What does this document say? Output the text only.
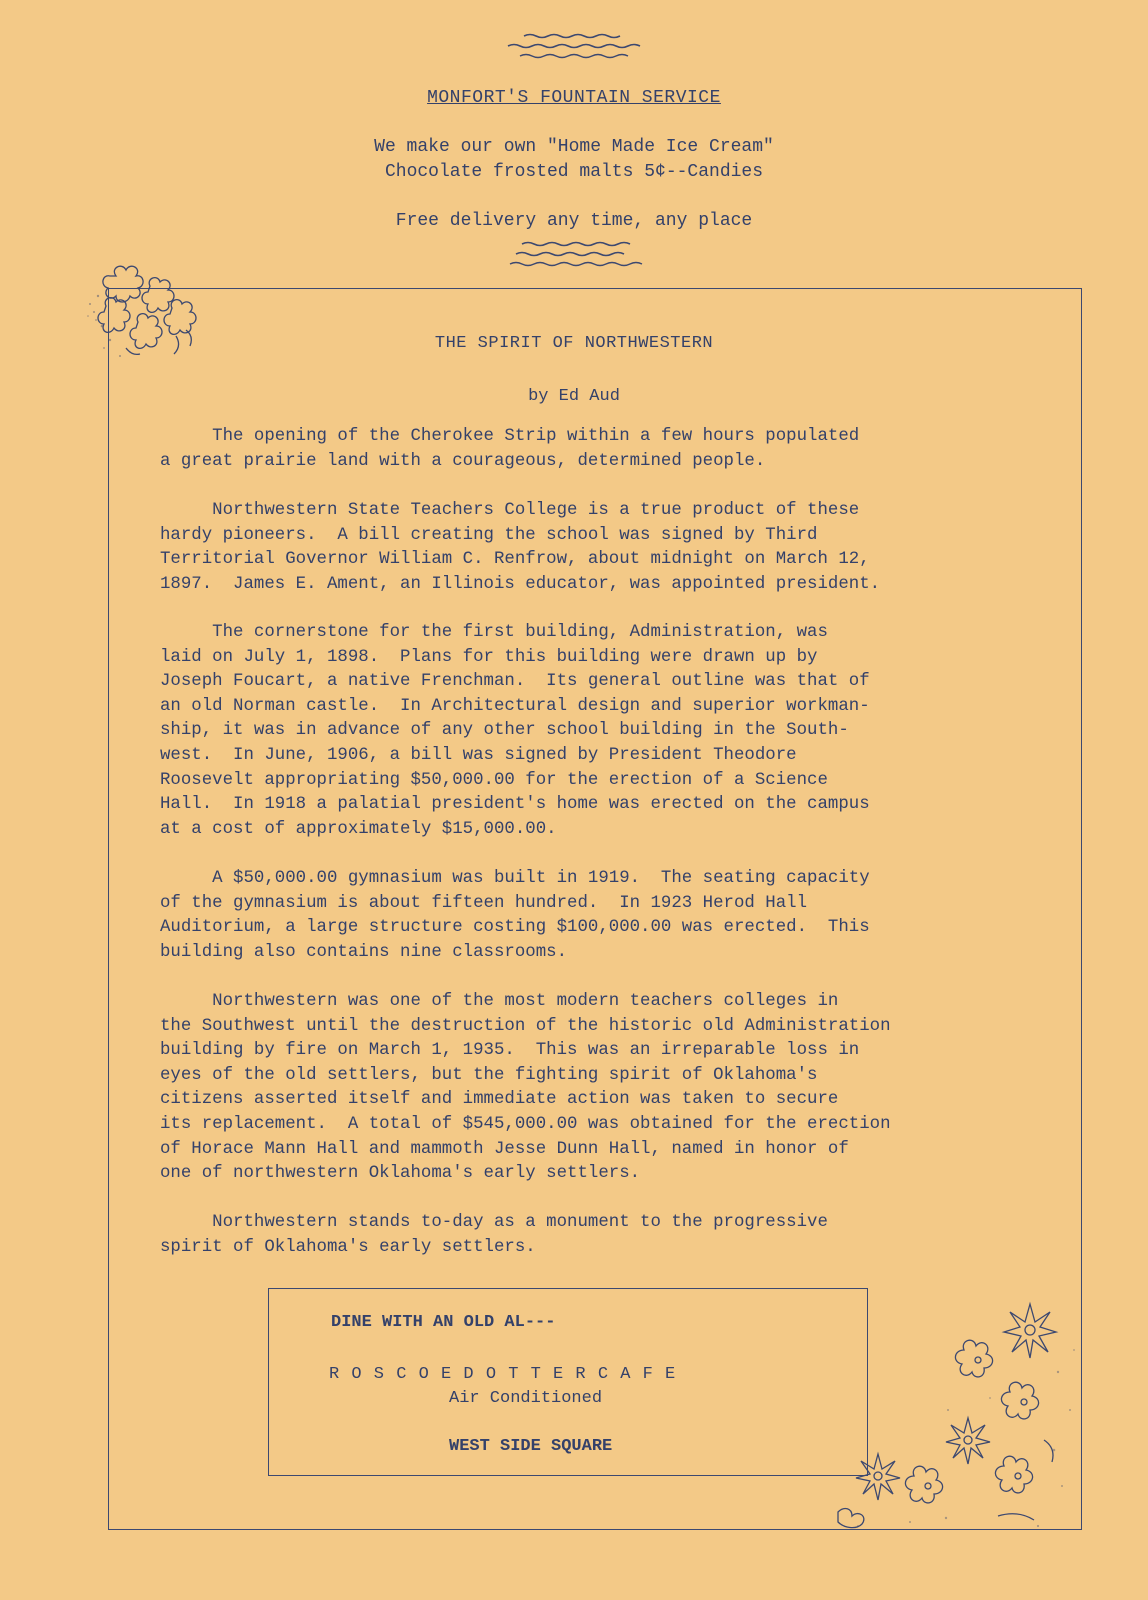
MONFORT'S FOUNTAIN SERVICE
We make our own "Home Made Ice Cream"
Chocolate frosted malts 5¢--Candies
Free delivery any time, any place
THE SPIRIT OF NORTHWESTERN
by Ed Aud
The opening of the Cherokee Strip within a few hours populated
a great prairie land with a courageous, determined people.
Northwestern State Teachers College is a true product of these
hardy pioneers.  A bill creating the school was signed by Third
Territorial Governor William C. Renfrow, about midnight on March 12,
1897.  James E. Ament, an Illinois educator, was appointed president.
The cornerstone for the first building, Administration, was
laid on July 1, 1898.  Plans for this building were drawn up by
Joseph Foucart, a native Frenchman.  Its general outline was that of
an old Norman castle.  In Architectural design and superior workman-
ship, it was in advance of any other school building in the South-
west.  In June, 1906, a bill was signed by President Theodore
Roosevelt appropriating $50,000.00 for the erection of a Science
Hall.  In 1918 a palatial president's home was erected on the campus
at a cost of approximately $15,000.00.
A $50,000.00 gymnasium was built in 1919.  The seating capacity
of the gymnasium is about fifteen hundred.  In 1923 Herod Hall
Auditorium, a large structure costing $100,000.00 was erected.  This
building also contains nine classrooms.
Northwestern was one of the most modern teachers colleges in
the Southwest until the destruction of the historic old Administration
building by fire on March 1, 1935.  This was an irreparable loss in
eyes of the old settlers, but the fighting spirit of Oklahoma's
citizens asserted itself and immediate action was taken to secure
its replacement.  A total of $545,000.00 was obtained for the erection
of Horace Mann Hall and mammoth Jesse Dunn Hall, named in honor of
one of northwestern Oklahoma's early settlers.
Northwestern stands to-day as a monument to the progressive
spirit of Oklahoma's early settlers.
DINE WITH AN OLD AL---
R O S C O E D O T T E R C A F E
Air Conditioned
WEST SIDE SQUARE
